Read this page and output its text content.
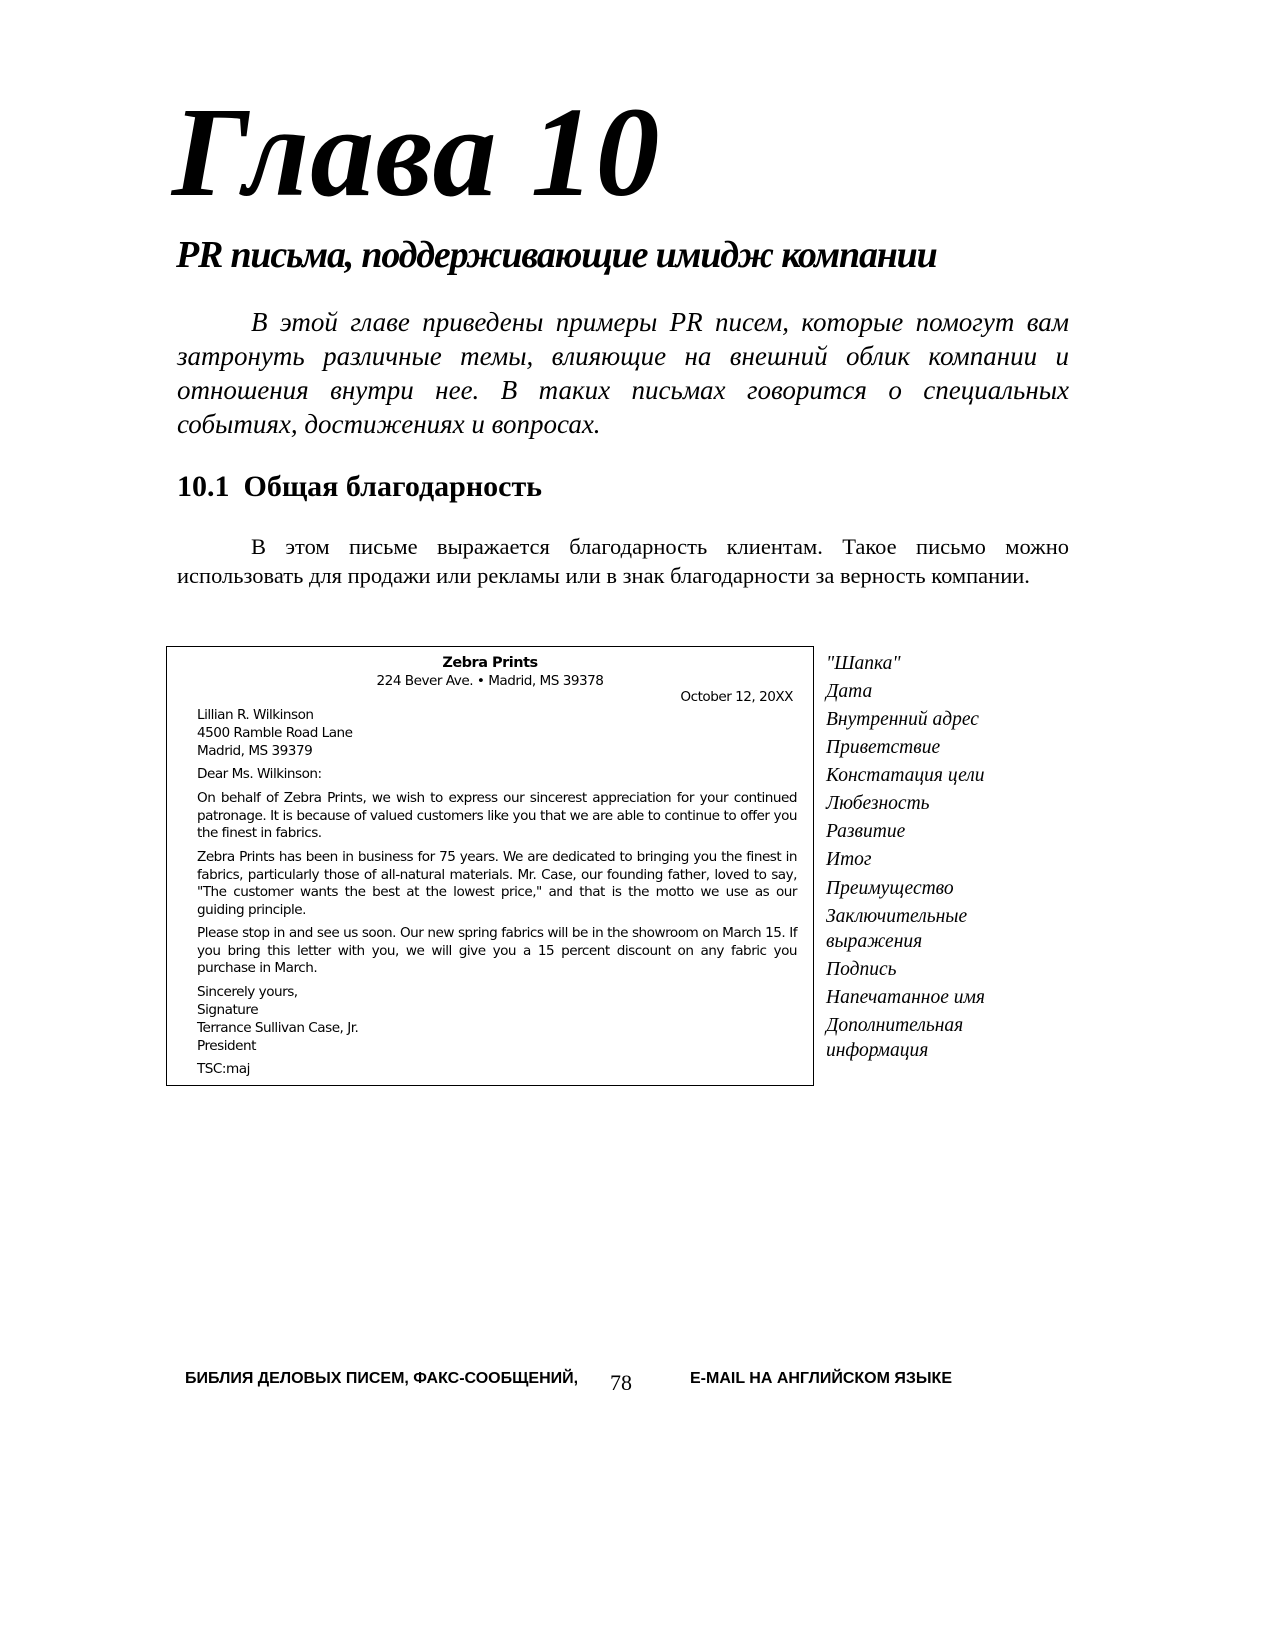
Глава 10
PR письма, поддерживающие имидж компании

В этой главе приведены примеры PR писем, которые помогут вам затронуть различные темы, влияющие на внешний облик компании и отношения внутри нее. В таких письмах говорится о специальных событиях, достижениях и вопросах.

10.1 Общая благодарность

В этом письме выражается благодарность клиентам. Такое письмо можно использовать для продажи или рекламы или в знак благодарности за верность компании.

Zebra Prints
224 Bever Ave. • Madrid, MS 39378
October 12, 20XX
Lillian R. Wilkinson
4500 Ramble Road Lane
Madrid, MS 39379
Dear Ms. Wilkinson:
On behalf of Zebra Prints, we wish to express our sincerest appreciation for your continued patronage. It is because of valued customers like you that we are able to continue to offer you the finest in fabrics.
Zebra Prints has been in business for 75 years. We are dedicated to bringing you the finest in fabrics, particularly those of all-natural materials. Mr. Case, our founding father, loved to say, "The customer wants the best at the lowest price," and that is the motto we use as our guiding principle.
Please stop in and see us soon. Our new spring fabrics will be in the showroom on March 15. If you bring this letter with you, we will give you a 15 percent discount on any fabric you purchase in March.
Sincerely yours,
Signature
Terrance Sullivan Case, Jr.
President
TSC:maj
"Шапка"
Дата
Внутренний адрес
Приветствие
Констатация цели
Любезность
Развитие
Итог
Преимущество
Заключительные выражения
Подпись
Напечатанное имя
Дополнительная информация
БИБЛИЯ ДЕЛОВЫХ ПИСЕМ, ФАКС-СООБЩЕНИЙ, 78	E-MAIL НА АНГЛИЙСКОМ ЯЗЫКЕ
